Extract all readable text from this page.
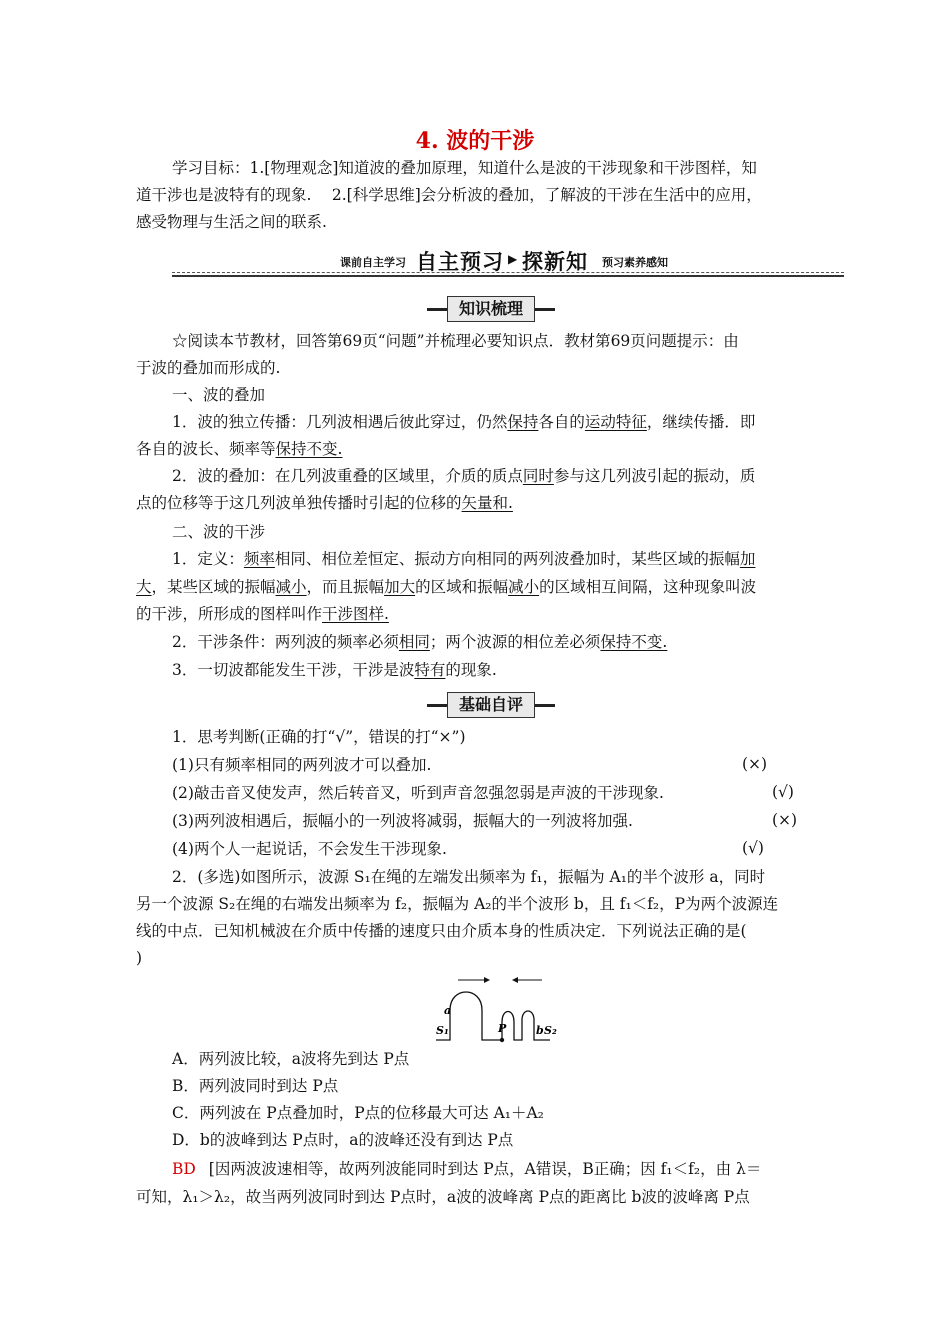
4. 波的干涉
学习目标：1.[物理观念]知道波的叠加原理，知道什么是波的干涉现象和干涉图样，知
道干涉也是波特有的现象.　 2.[科学思维]会分析波的叠加，了解波的干涉在生活中的应用，
感受物理与生活之间的联系.
课前自主学习 自主预习 ▶ 探新知 预习素养感知
知识梳理
☆阅读本节教材，回答第69页“问题”并梳理必要知识点．教材第69页问题提示：由
于波的叠加而形成的.
一、波的叠加
1．波的独立传播：几列波相遇后彼此穿过，仍然保持各自的运动特征，继续传播．即
各自的波长、频率等保持不变.
2．波的叠加：在几列波重叠的区域里，介质的质点同时参与这几列波引起的振动，质
点的位移等于这几列波单独传播时引起的位移的矢量和.
二、波的干涉
1．定义：频率相同、相位差恒定、振动方向相同的两列波叠加时，某些区域的振幅加
大，某些区域的振幅减小，而且振幅加大的区域和振幅减小的区域相互间隔，这种现象叫波
的干涉，所形成的图样叫作干涉图样.
2．干涉条件：两列波的频率必须相同；两个波源的相位差必须保持不变.
3．一切波都能发生干涉，干涉是波特有的现象.
基础自评
1．思考判断(正确的打“√”，错误的打“×”)
(1)只有频率相同的两列波才可以叠加.	(×)
(2)敲击音叉使发声，然后转音叉，听到声音忽强忽弱是声波的干涉现象.	(√)
(3)两列波相遇后，振幅小的一列波将减弱，振幅大的一列波将加强.	(×)
(4)两个人一起说话，不会发生干涉现象.	(√)
2．(多选)如图所示，波源 S₁在绳的左端发出频率为 f₁，振幅为 A₁的半个波形 a，同时
另一个波源 S₂在绳的右端发出频率为 f₂，振幅为 A₂的半个波形 b，且 f₁＜f₂，P为两个波源连
线的中点．已知机械波在介质中传播的速度只由介质本身的性质决定．下列说法正确的是(
)
a
S₁	P	b S₂
A．两列波比较，a波将先到达 P点
B．两列波同时到达 P点
C．两列波在 P点叠加时，P点的位移最大可达 A₁＋A₂
D．b的波峰到达 P点时，a的波峰还没有到达 P点
BD [因两波波速相等，故两列波能同时到达 P点，A错误，B正确；因 f₁＜f₂，由 λ＝
可知，λ₁＞λ₂，故当两列波同时到达 P点时，a波的波峰离 P点的距离比 b波的波峰离 P点
